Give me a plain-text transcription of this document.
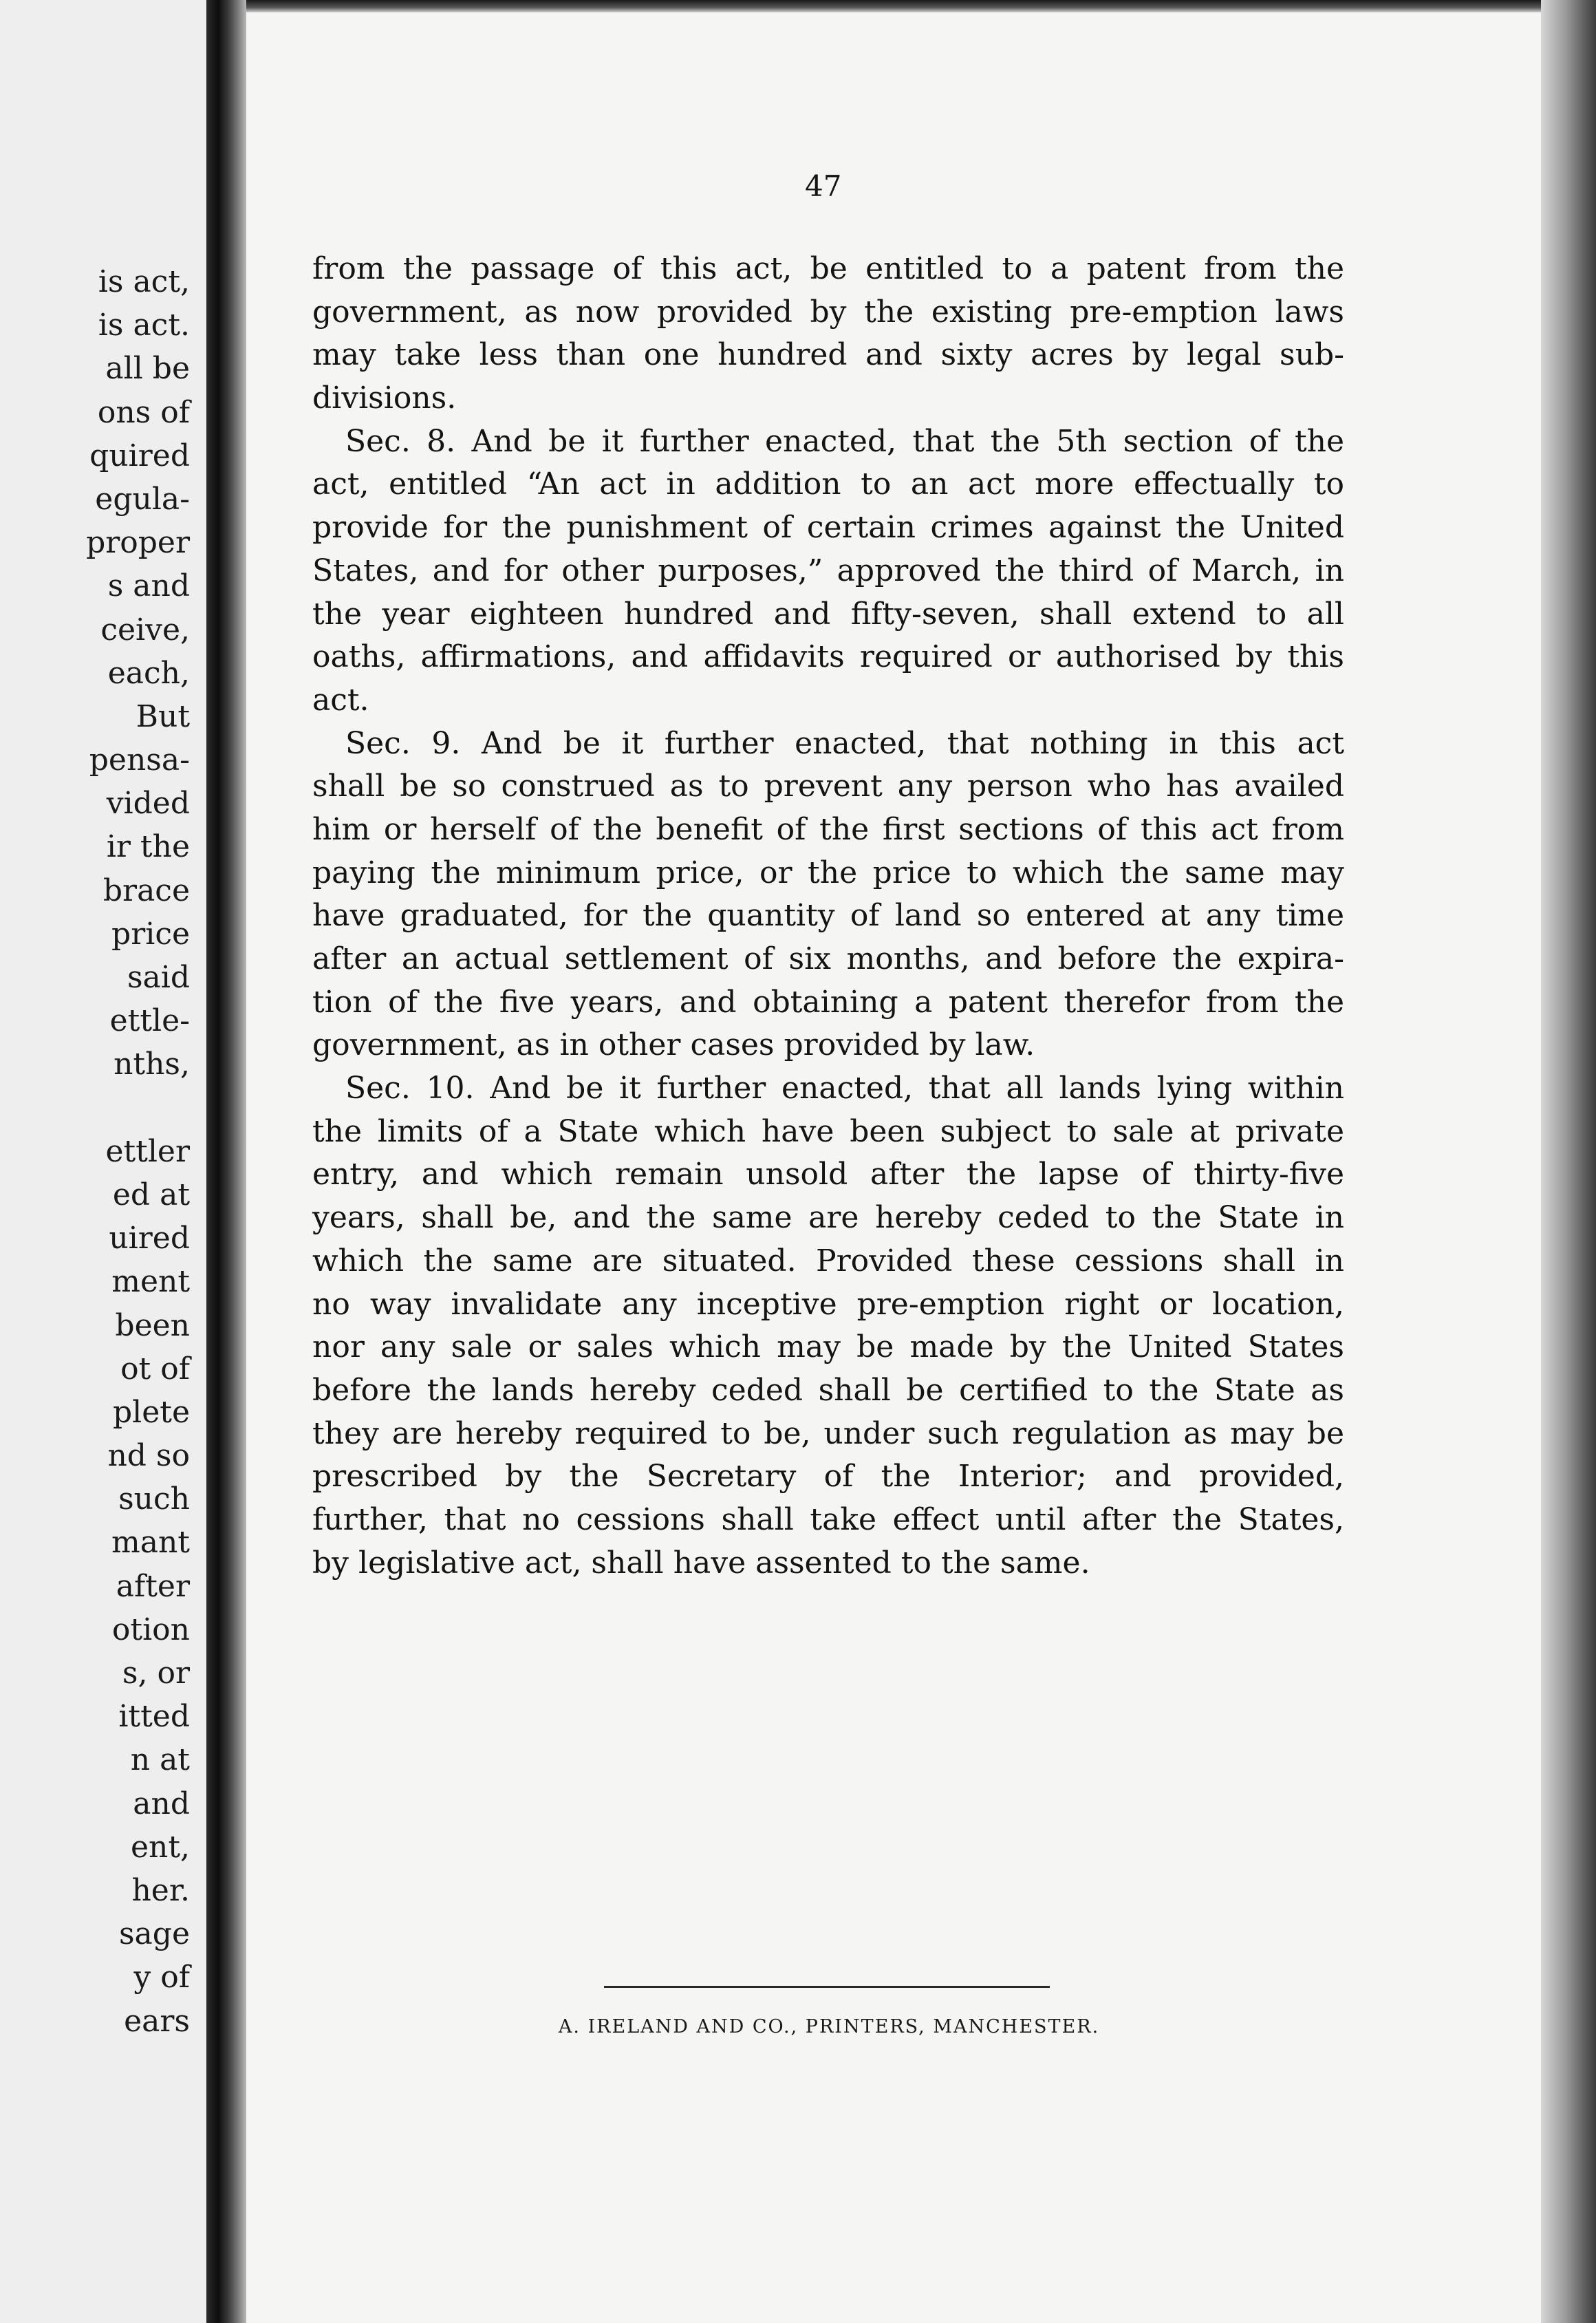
is act,
is act.
all be
ons of
quired
egula-
proper
s and
ceive,
each,
But
pensa-
vided
ir the
brace
price
said
ettle-
nths,
ettler
ed at
uired
ment
been
ot of
plete
nd so
such
mant
after
otion
s, or
itted
n at
and
ent,
her.
sage
y of
ears
47
from the passage of this act, be entitled to a patent from the
government, as now provided by the existing pre-emption laws
may take less than one hundred and sixty acres by legal sub-
divisions.
Sec. 8. And be it further enacted, that the 5th section of the
act, entitled “An act in addition to an act more effectually to
provide for the punishment of certain crimes against the United
States, and for other purposes,” approved the third of March, in
the year eighteen hundred and fifty-seven, shall extend to all
oaths, affirmations, and affidavits required or authorised by this
act.
Sec. 9. And be it further enacted, that nothing in this act
shall be so construed as to prevent any person who has availed
him or herself of the benefit of the first sections of this act from
paying the minimum price, or the price to which the same may
have graduated, for the quantity of land so entered at any time
after an actual settlement of six months, and before the expira-
tion of the five years, and obtaining a patent therefor from the
government, as in other cases provided by law.
Sec. 10. And be it further enacted, that all lands lying within
the limits of a State which have been subject to sale at private
entry, and which remain unsold after the lapse of thirty-five
years, shall be, and the same are hereby ceded to the State in
which the same are situated. Provided these cessions shall in
no way invalidate any inceptive pre-emption right or location,
nor any sale or sales which may be made by the United States
before the lands hereby ceded shall be certified to the State as
they are hereby required to be, under such regulation as may be
prescribed by the Secretary of the Interior; and provided,
further, that no cessions shall take effect until after the States,
by legislative act, shall have assented to the same.
A. IRELAND AND CO., PRINTERS, MANCHESTER.
